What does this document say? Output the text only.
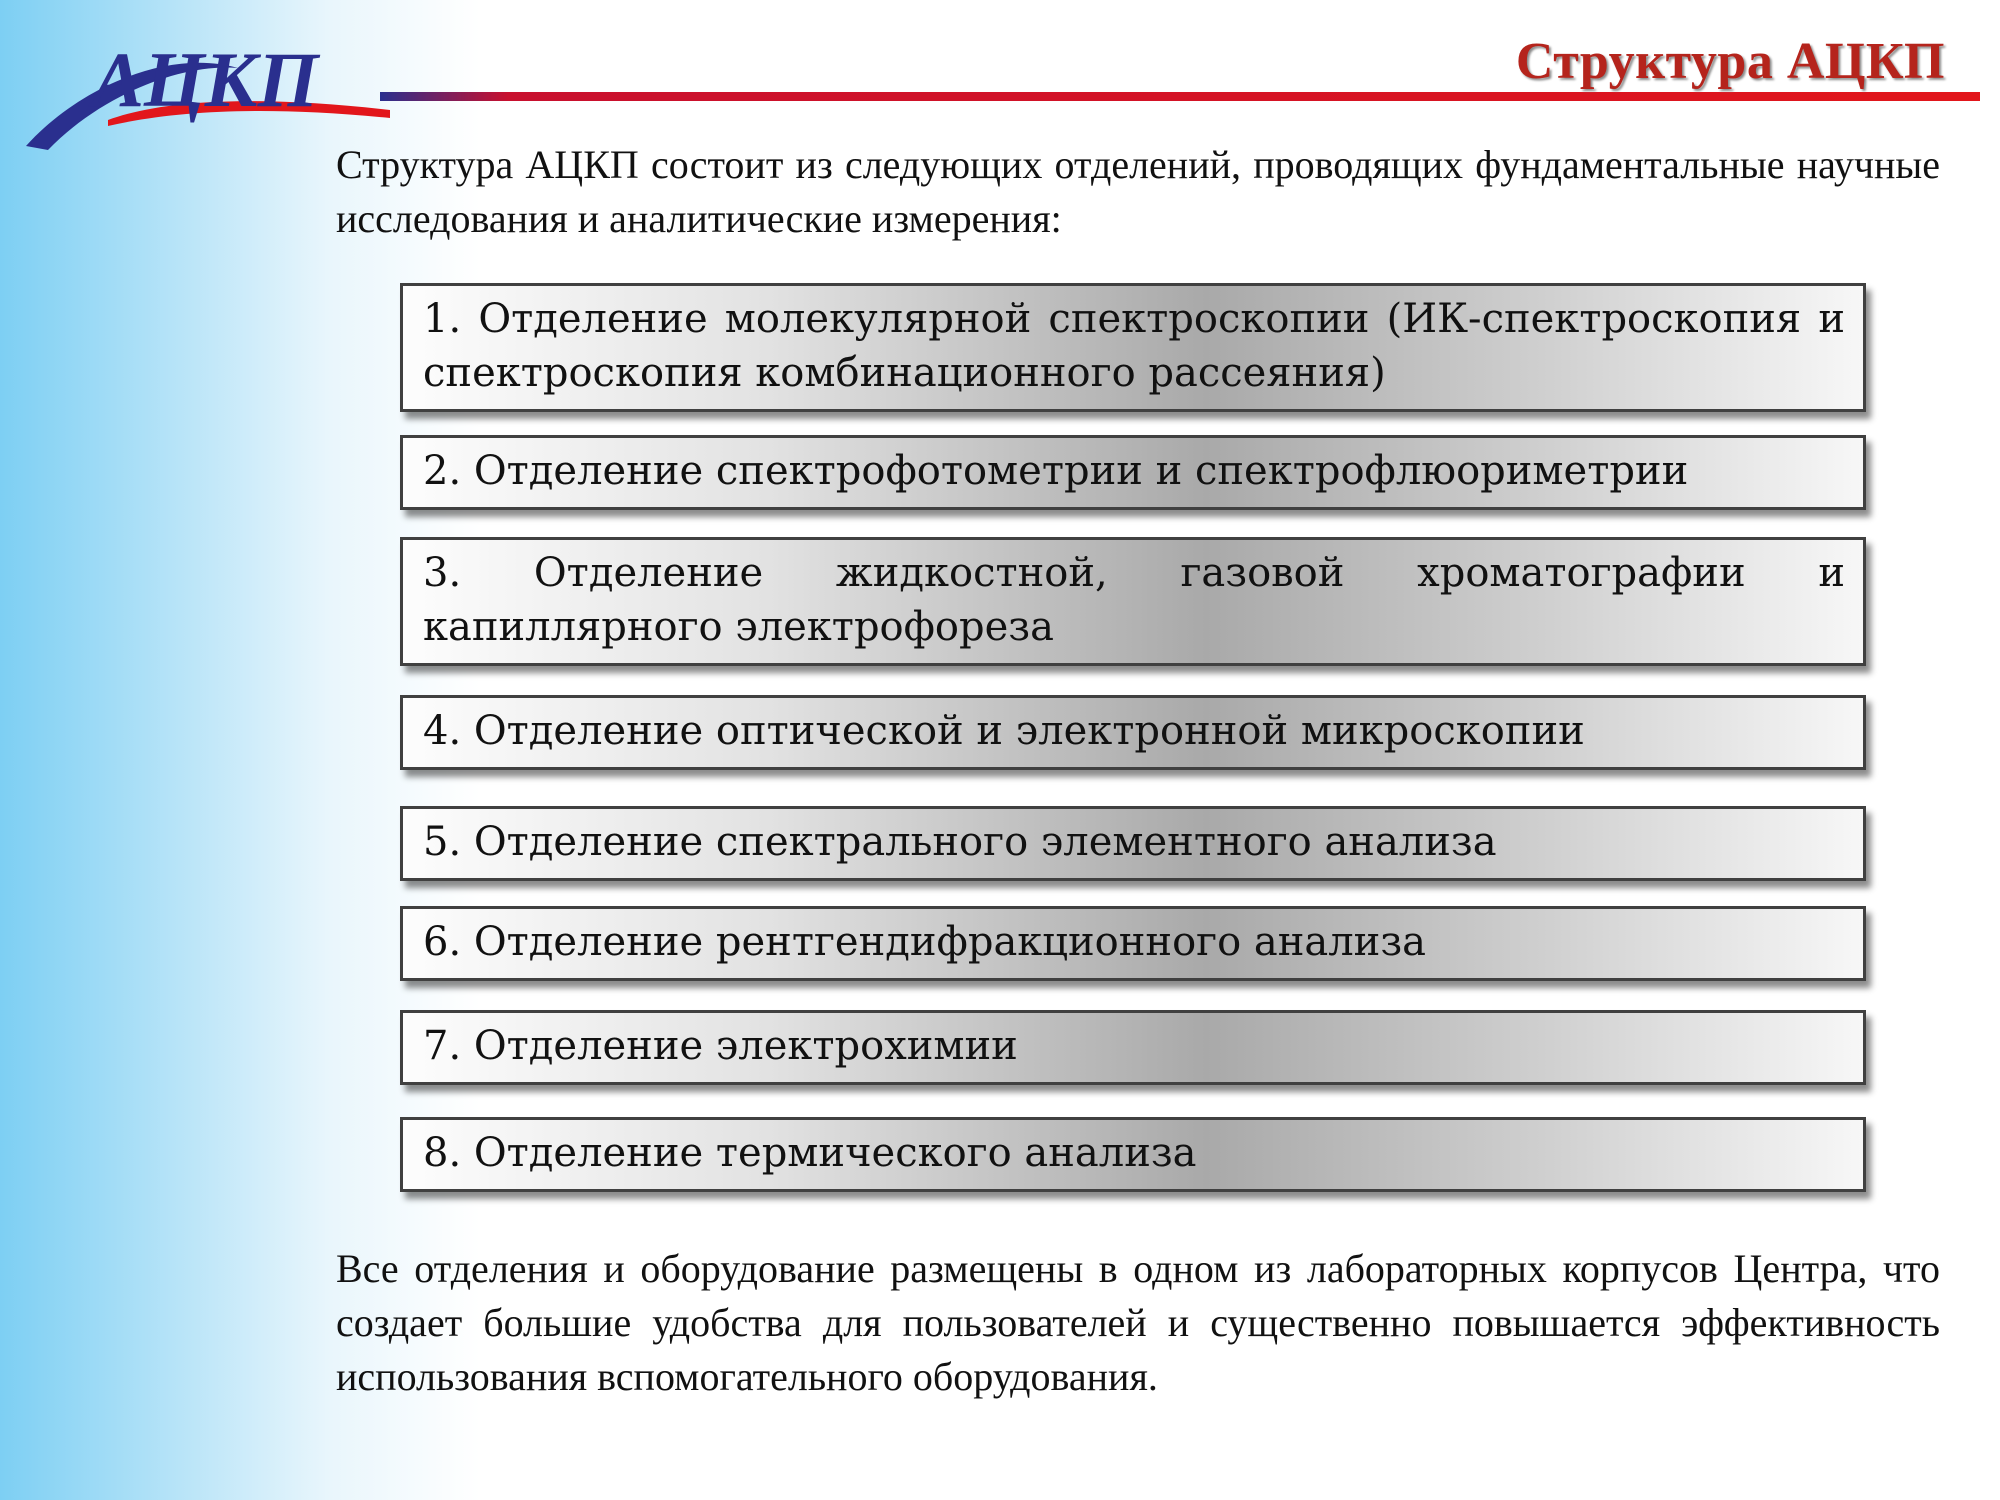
АЦКП	Структура АЦКП

Структура АЦКП состоит из следующих отделений, проводящих фундаментальные научные исследования и аналитические измерения:

1. Отделение молекулярной спектроскопии (ИК-спектроскопия и спектроскопия комбинационного рассеяния)
2. Отделение спектрофотометрии и спектрофлюориметрии
3. Отделение жидкостной, газовой хроматографии и капиллярного электрофореза
4. Отделение оптической и электронной микроскопии
5. Отделение спектрального элементного анализа
6. Отделение рентгендифракционного анализа
7. Отделение электрохимии
8. Отделение термического анализа

Все отделения и оборудование размещены в одном из лабораторных корпусов Центра, что создает большие удобства для пользователей и существенно повышается эффективность использования вспомогательного оборудования.
